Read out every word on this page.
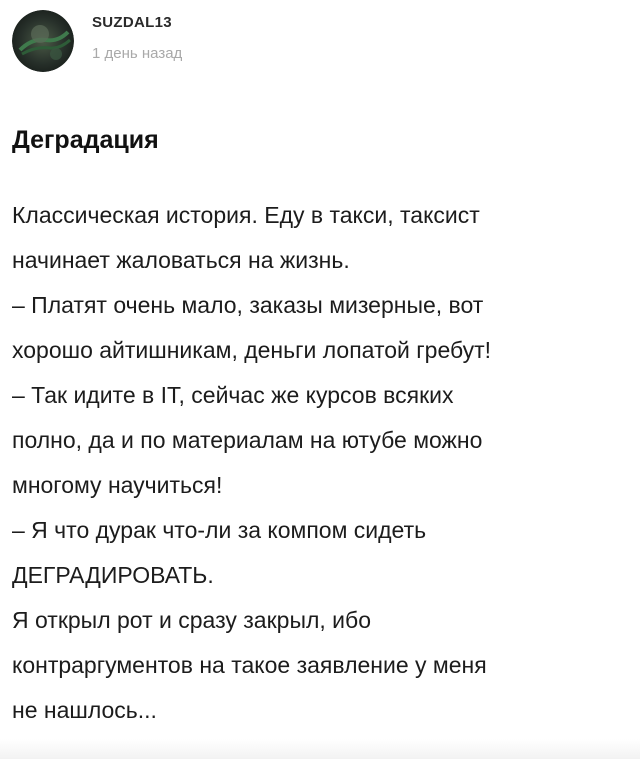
SUZDAL13
1 день назад
Деградация
Классическая история. Еду в такси, таксист
начинает жаловаться на жизнь.
– Платят очень мало, заказы мизерные, вот
хорошо айтишникам, деньги лопатой гребут!
– Так идите в IT, сейчас же курсов всяких
полно, да и по материалам на ютубе можно
многому научиться!
– Я что дурак что-ли за компом сидеть
ДЕГРАДИРОВАТЬ.
Я открыл рот и сразу закрыл, ибо
контраргументов на такое заявление у меня
не нашлось...
